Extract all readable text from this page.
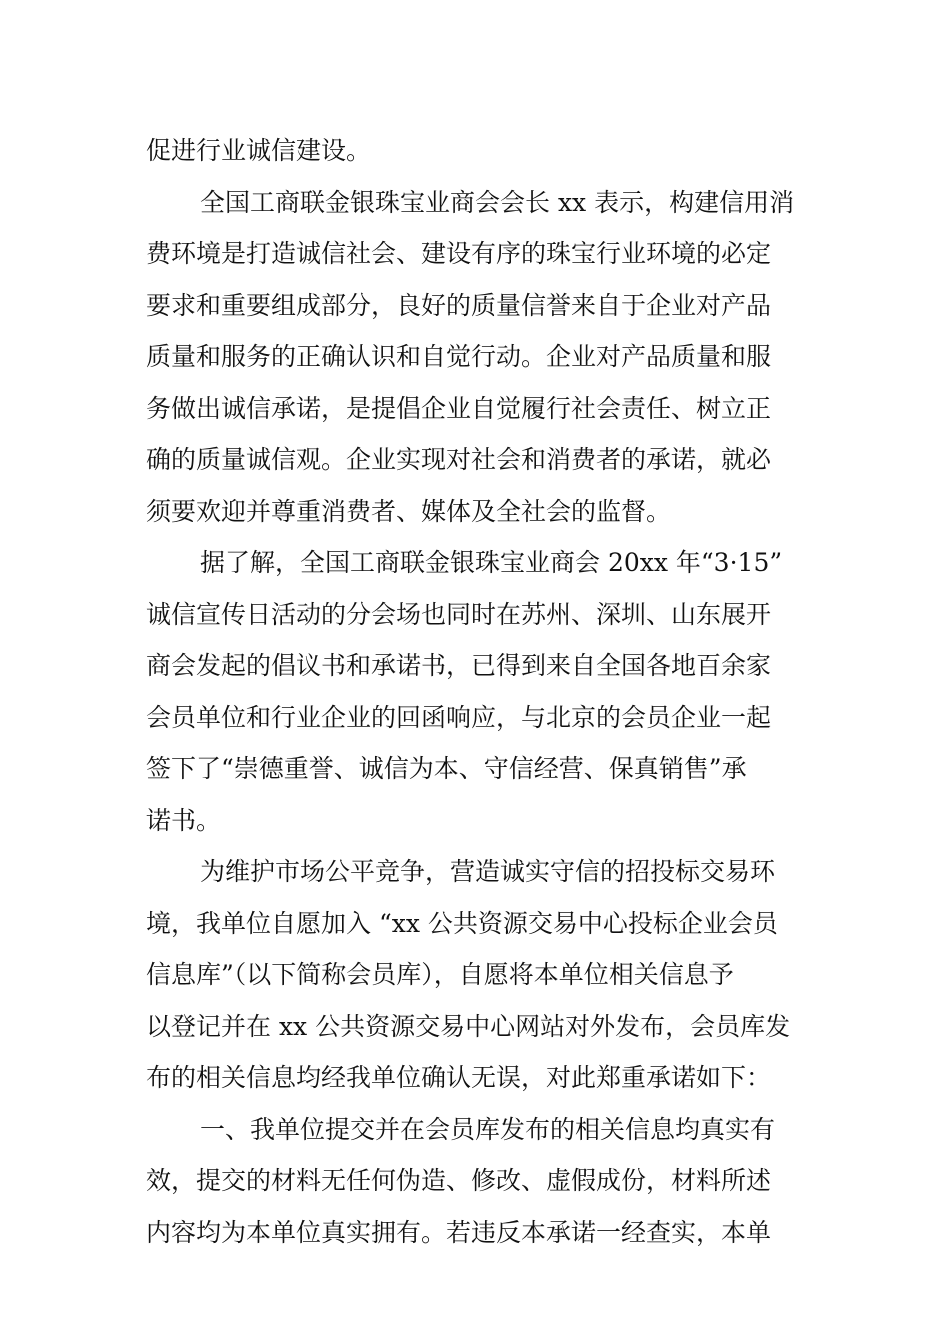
促进行业诚信建设。
全国工商联金银珠宝业商会会长 xx 表示，构建信用消
费环境是打造诚信社会、建设有序的珠宝行业环境的必定
要求和重要组成部分，良好的质量信誉来自于企业对产品
质量和服务的正确认识和自觉行动。企业对产品质量和服
务做出诚信承诺，是提倡企业自觉履行社会责任、树立正
确的质量诚信观。企业实现对社会和消费者的承诺，就必
须要欢迎并尊重消费者、媒体及全社会的监督。
据了解，全国工商联金银珠宝业商会 20xx 年“3·15”
诚信宣传日活动的分会场也同时在苏州、深圳、山东展开
商会发起的倡议书和承诺书，已得到来自全国各地百余家
会员单位和行业企业的回函响应，与北京的会员企业一起
签下了“崇德重誉、诚信为本、守信经营、保真销售”承
诺书。
为维护市场公平竞争，营造诚实守信的招投标交易环
境，我单位自愿加入 “xx 公共资源交易中心投标企业会员
信息库”（以下简称会员库），自愿将本单位相关信息予
以登记并在 xx 公共资源交易中心网站对外发布，会员库发
布的相关信息均经我单位确认无误，对此郑重承诺如下：
一、我单位提交并在会员库发布的相关信息均真实有
效，提交的材料无任何伪造、修改、虚假成份，材料所述
内容均为本单位真实拥有。若违反本承诺一经查实，本单
